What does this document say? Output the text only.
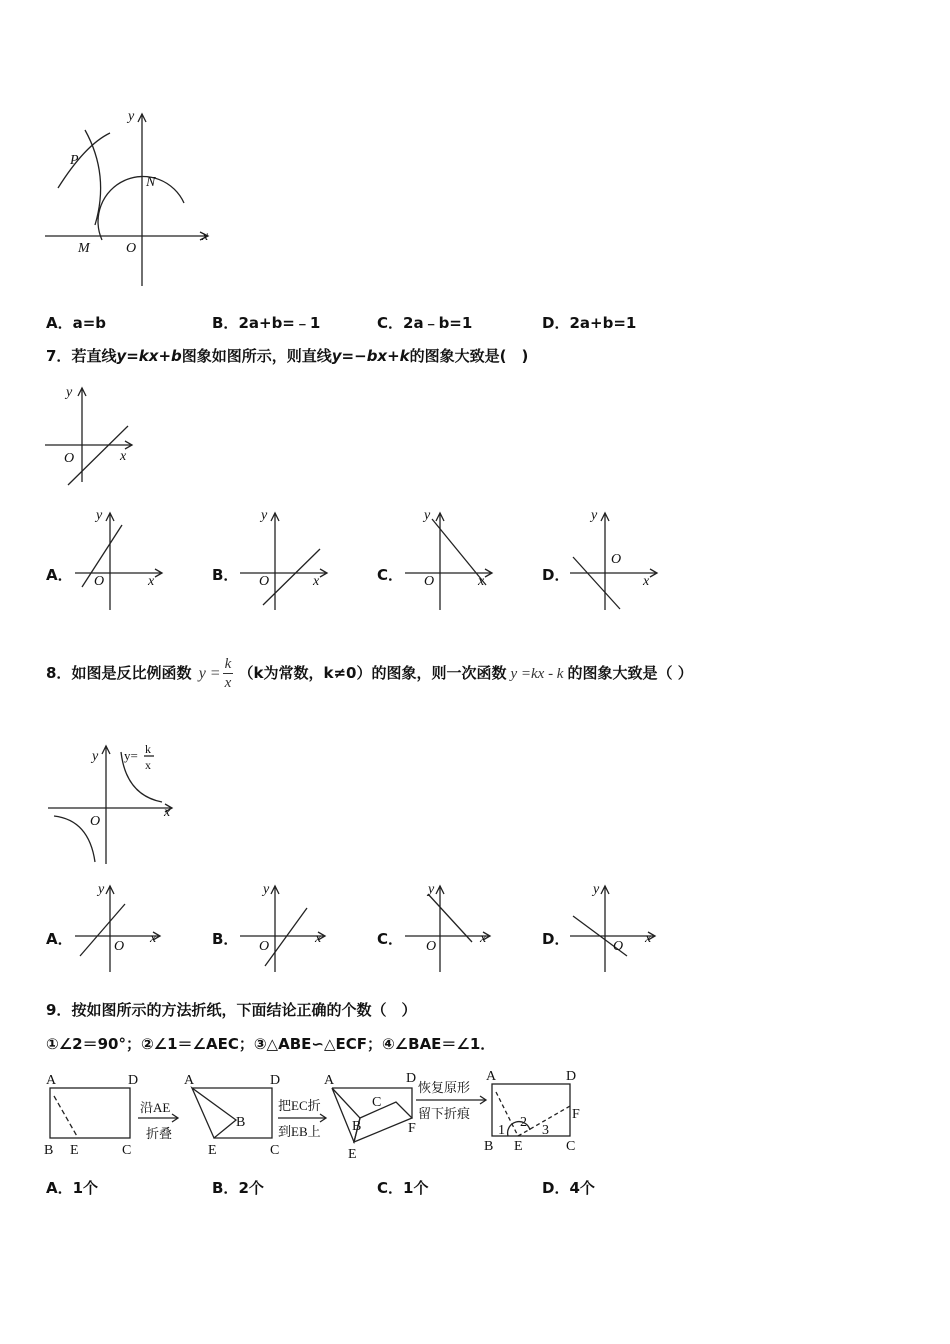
P
N
M	O
x
y
A．a=b	B．2a+b=﹣1	C．2a﹣b=1	D．2a+b=1
7．若直线y=kx+b图象如图所示，则直线y=−bx+k的图象大致是(　)
y
O	x
A．
y
O	x	B．
y
O	x	C．
y
O	x	D．
y
O
x
8．如图是反比例函数 $y = \frac{k}{x} (k$为常数，k≠0）的图象，则一次函数 y =kx - k 的图象大致是（ ）
y y= k
x
O
x
A．
y
O
x	B．
y
O
x	C．
y
O
x	D．
y
O
x
9．按如图所示的方法折纸，下面结论正确的个数（　）
①∠2＝90°；②∠1＝∠AEC；③△ABE∽△ECF；④∠BAE＝∠1．
A	D
B E	C
沿AE
折叠
A	D
B
E	C
把EC折
到EB上
A	D
C
B	F
E
恢复原形
留下折痕
A	D
F
B E	C
1
2
3
A．1个	B．2个	C．1个	D．4个
